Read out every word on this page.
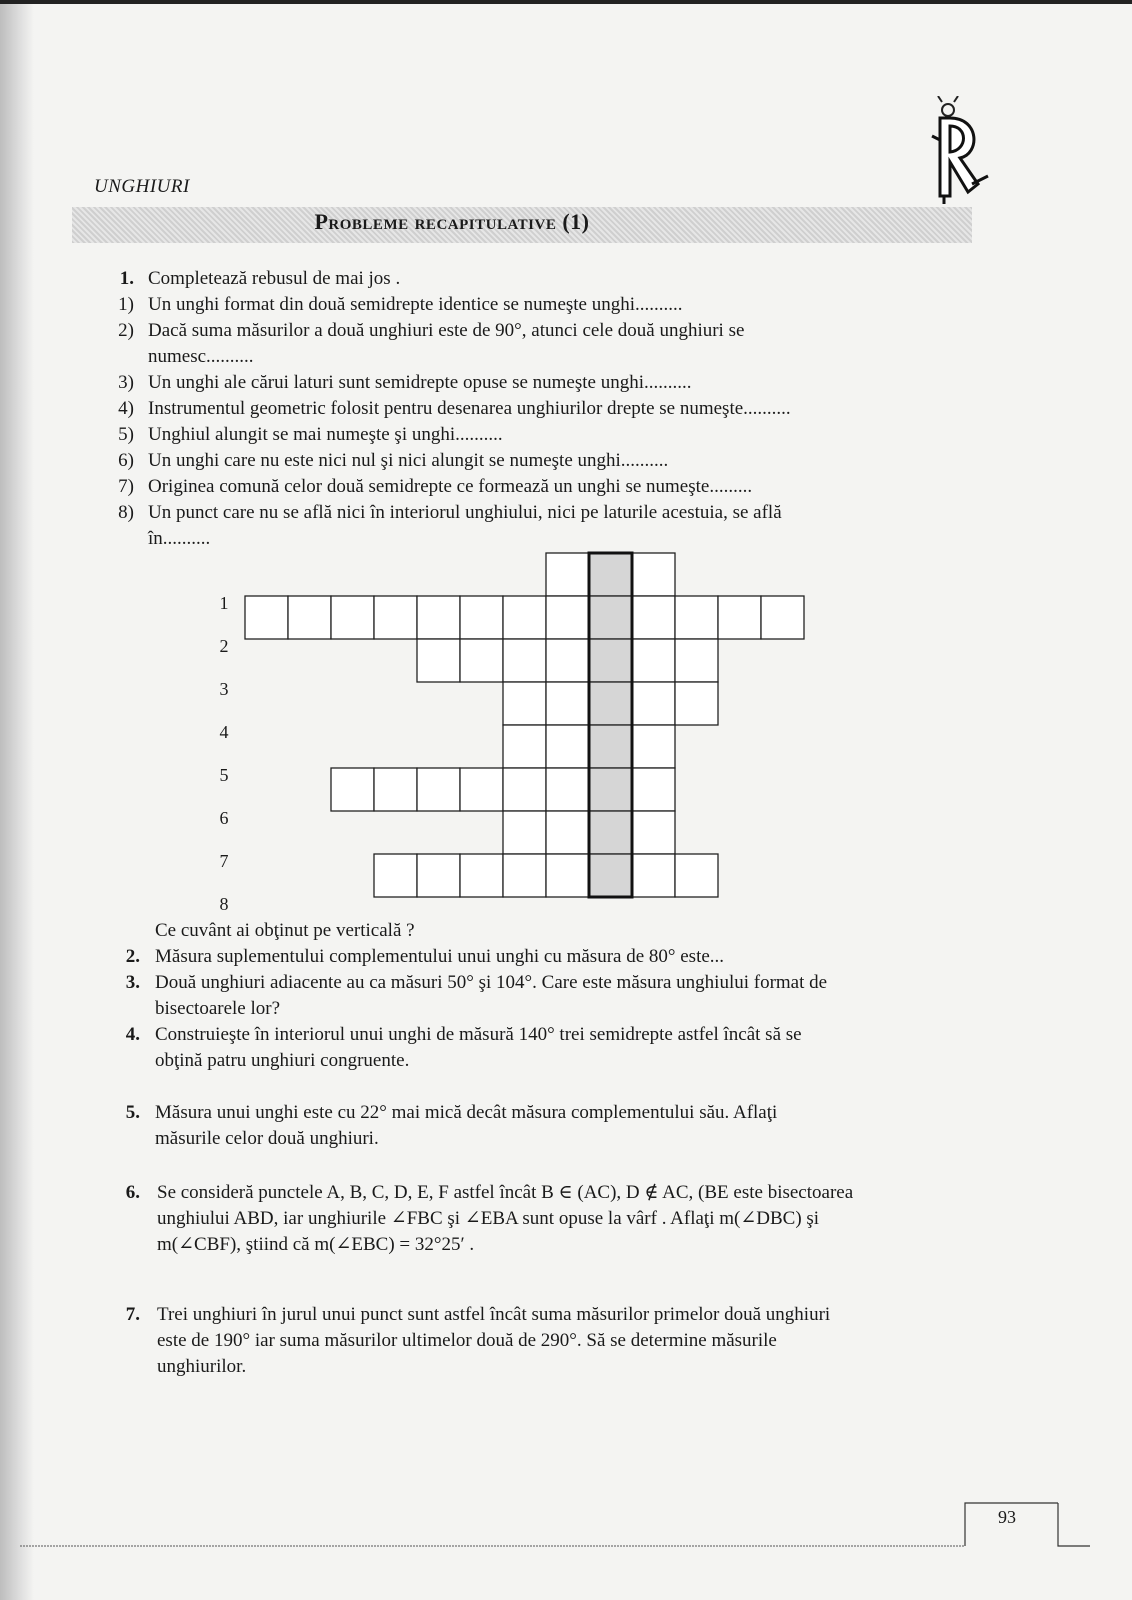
UNGHIURI
Probleme recapitulative (1)
1. Completează rebusul de mai jos .
1) Un unghi format din două semidrepte identice se numeşte unghi..........
2) Dacă suma măsurilor a două unghiuri este de 90°, atunci cele două unghiuri se
numesc..........
3) Un unghi ale cărui laturi sunt semidrepte opuse se numeşte unghi..........
4) Instrumentul geometric folosit pentru desenarea unghiurilor drepte se numeşte..........
5) Unghiul alungit se mai numeşte şi unghi..........
6) Un unghi care nu este nici nul şi nici alungit se numeşte unghi..........
7) Originea comună celor două semidrepte ce formează un unghi se numeşte.........
8) Un punct care nu se află nici în interiorul unghiului, nici pe laturile acestuia, se află
în..........
1
2
3
4
5
6
7
8
Ce cuvânt ai obţinut pe verticală ?
2. Măsura suplementului complementului unui unghi cu măsura de 80° este...
3. Două unghiuri adiacente au ca măsuri 50° şi 104°. Care este măsura unghiului format de
bisectoarele lor?
4. Construieşte în interiorul unui unghi de măsură 140° trei semidrepte astfel încât să se
obţină patru unghiuri congruente.
5. Măsura unui unghi este cu 22° mai mică decât măsura complementului său. Aflaţi
măsurile celor două unghiuri.
6. Se consideră punctele A, B, C, D, E, F astfel încât B ∈ (AC), D ∉ AC, (BE este bisectoarea
unghiului ABD, iar unghiurile ∠FBC şi ∠EBA sunt opuse la vârf . Aflaţi m(∠DBC) şi
m(∠CBF), ştiind că m(∠EBC) = 32°25′ .
7. Trei unghiuri în jurul unui punct sunt astfel încât suma măsurilor primelor două unghiuri
este de 190° iar suma măsurilor ultimelor două de 290°. Să se determine măsurile
unghiurilor.
93
